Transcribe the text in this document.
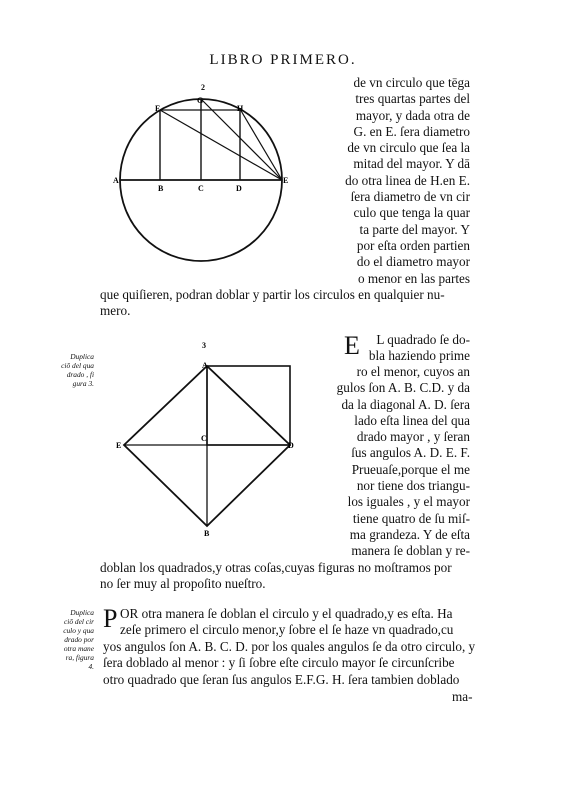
LIBRO PRIMERO.
2
F
G
H
A
B	C	D
E
de vn circulo que tēga
tres quartas partes del
mayor, y dada otra de
G. en E. ſera diametro
de vn circulo que ſea la
mitad del mayor. Y dā
do otra linea de H.en E.
ſera diametro de vn cir
culo que tenga la quar
ta parte del mayor. Y
por eſta orden partien
do el diametro mayor
o menor en las partes
que quiſieren, podran doblar y partir los circulos en qualquier nu-
mero.
Duplica
ciō del qua
drado , fi
gura 3.
3
A
C
D
E
B
E	L quadrado ſe do-
bla haziendo prime
ro el menor, cuyos an
gulos ſon A. B. C.D. y da
da la diagonal A. D. ſera
lado eſta linea del qua
drado mayor , y ſeran
ſus angulos A. D. E. F.
Prueuaſe,porque el me
nor tiene dos triangu-
los iguales , y el mayor
tiene quatro de ſu miſ-
ma grandeza. Y de eſta
manera ſe doblan y re-
doblan los quadrados,y otras coſas,cuyas figuras no moſtramos por
no ſer muy al propoſito nueſtro.
Duplica
ciō del cir
culo y qua
drado por
otra mane
ra, figura
4.
P OR otra manera ſe doblan el circulo y el quadrado,y es eſta. Ha
zeſe primero el circulo menor,y ſobre el ſe haze vn quadrado,cu
yos angulos ſon A. B. C. D. por los quales angulos ſe da otro circulo, y
ſera doblado al menor : y ſi ſobre eſte circulo mayor ſe circunſcribe
otro quadrado que ſeran ſus angulos E.F.G. H. ſera tambien doblado
ma-
